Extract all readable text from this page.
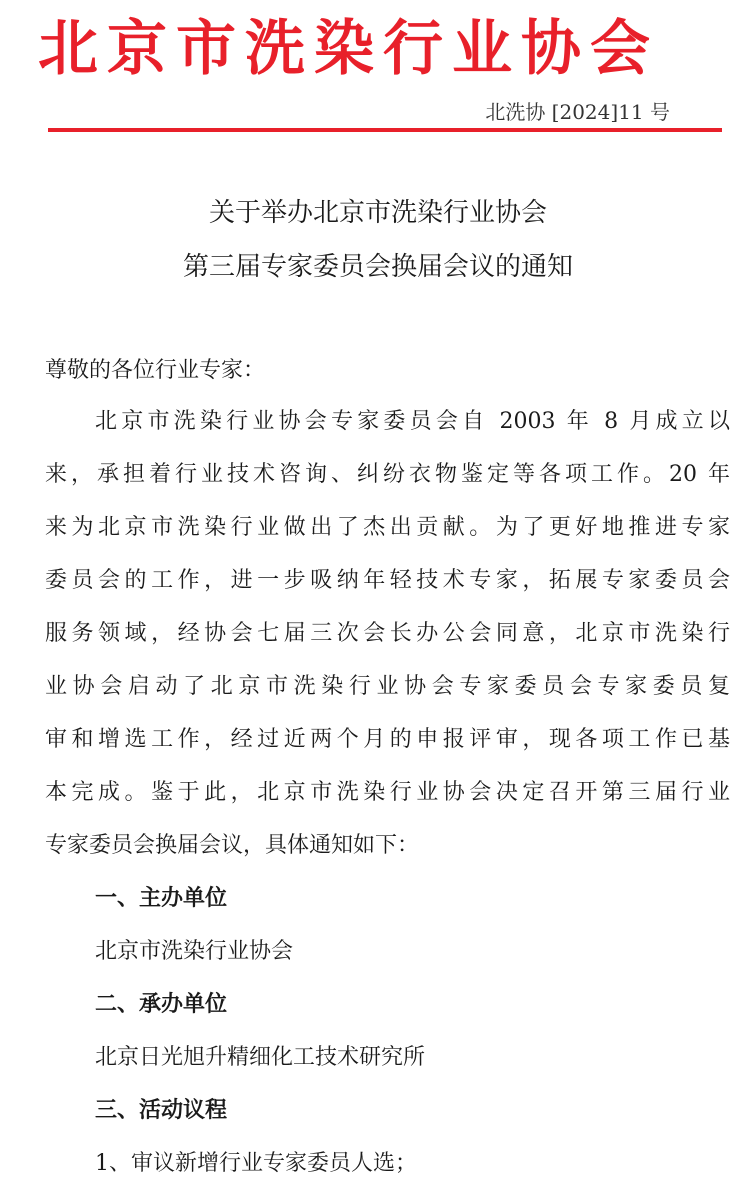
北京市洗染行业协会
北洗协 [2024]11 号
关于举办北京市洗染行业协会
第三届专家委员会换届会议的通知
尊敬的各位行业专家：
北京市洗染行业协会专家委员会自 2003 年 8 月成立以
来，承担着行业技术咨询、纠纷衣物鉴定等各项工作。20 年
来为北京市洗染行业做出了杰出贡献。为了更好地推进专家
委员会的工作，进一步吸纳年轻技术专家，拓展专家委员会
服务领域，经协会七届三次会长办公会同意，北京市洗染行
业协会启动了北京市洗染行业协会专家委员会专家委员复
审和增选工作，经过近两个月的申报评审，现各项工作已基
本完成。鉴于此，北京市洗染行业协会决定召开第三届行业
专家委员会换届会议，具体通知如下：
一、主办单位
北京市洗染行业协会
二、承办单位
北京日光旭升精细化工技术研究所
三、活动议程
1、审议新增行业专家委员人选；
